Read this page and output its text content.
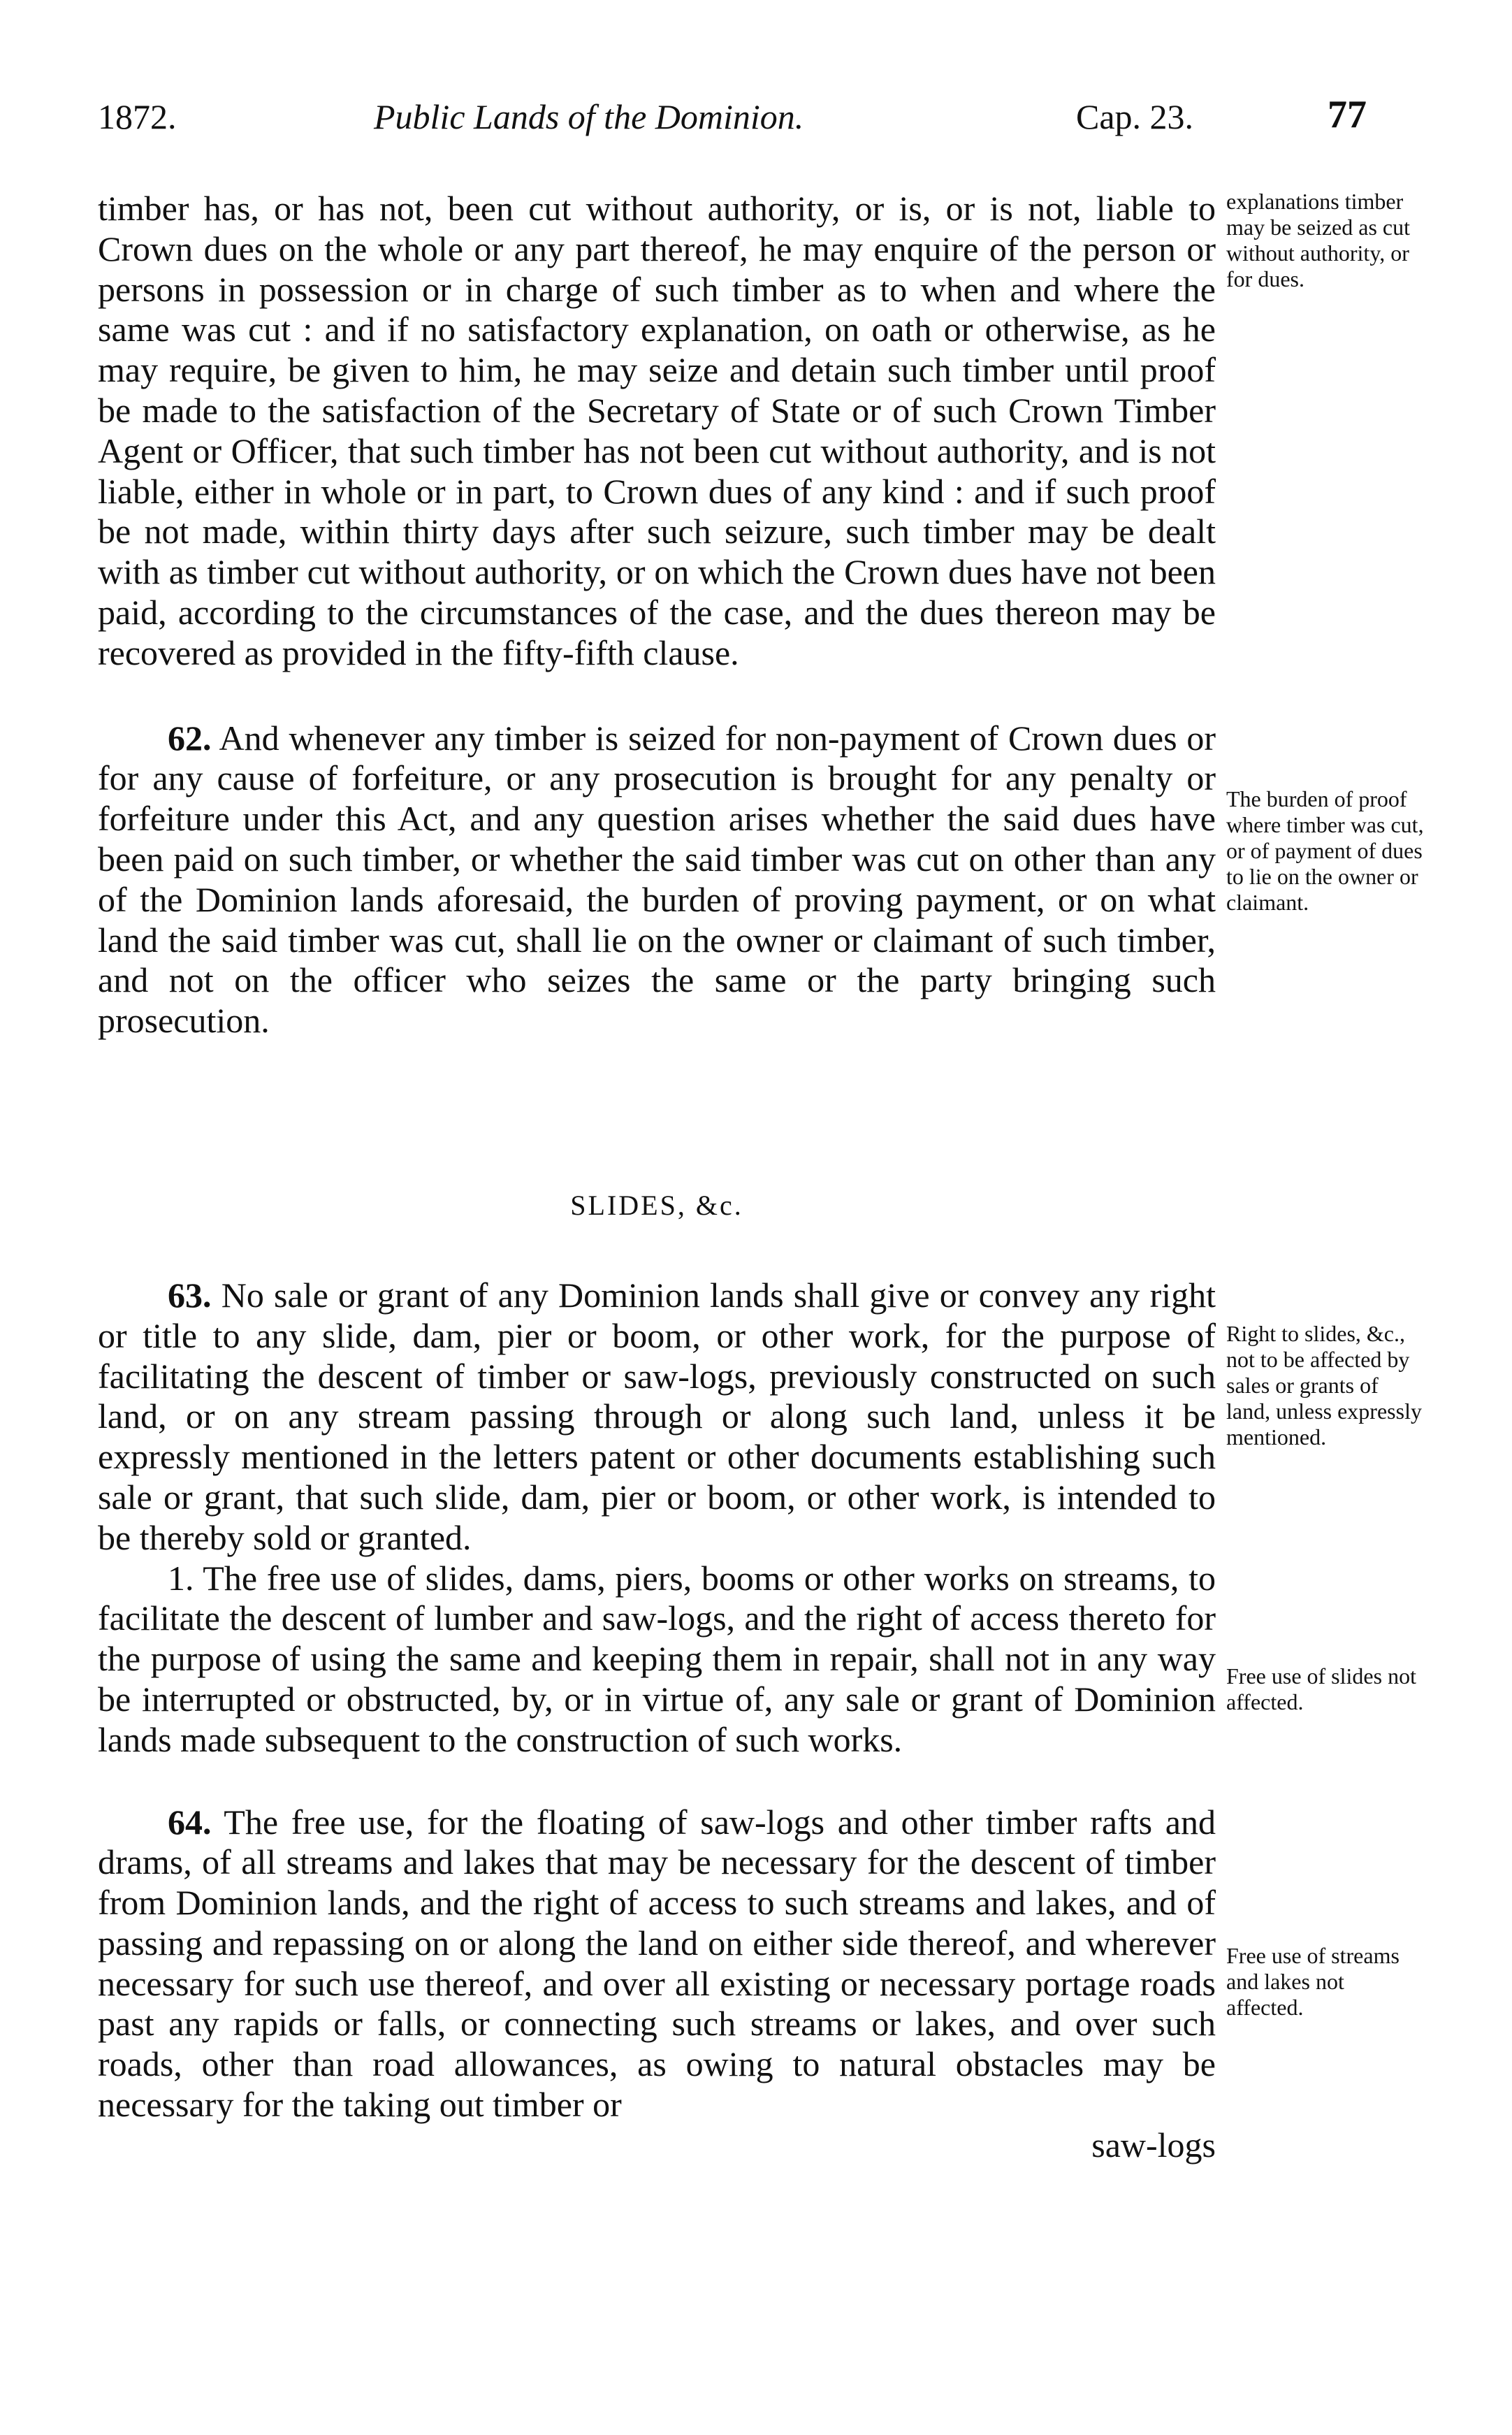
1872.	Public Lands of the Dominion.	Cap. 23.	77

timber has, or has not, been cut without authority, or is, or is not, liable to Crown dues on the whole or any part thereof, he may enquire of the person or persons in possession or in charge of such timber as to when and where the same was cut : and if no satisfactory explanation, on oath or otherwise, as he may require, be given to him, he may seize and detain such timber until proof be made to the satisfaction of the Secretary of State or of such Crown Timber Agent or Officer, that such timber has not been cut without authority, and is not liable, either in whole or in part, to Crown dues of any kind : and if such proof be not made, within thirty days after such seizure, such timber may be dealt with as timber cut without authority, or on which the Crown dues have not been paid, according to the circumstances of the case, and the dues thereon may be recovered as provided in the fifty-fifth clause.

62. And whenever any timber is seized for non-payment of Crown dues or for any cause of forfeiture, or any prosecution is brought for any penalty or forfeiture under this Act, and any question arises whether the said dues have been paid on such timber, or whether the said timber was cut on other than any of the Dominion lands aforesaid, the burden of proving payment, or on what land the said timber was cut, shall lie on the owner or claimant of such timber, and not on the officer who seizes the same or the party bringing such prosecution.

SLIDES, &c.

63. No sale or grant of any Dominion lands shall give or convey any right or title to any slide, dam, pier or boom, or other work, for the purpose of facilitating the descent of timber or saw-logs, previously constructed on such land, or on any stream passing through or along such land, unless it be expressly mentioned in the letters patent or other documents establishing such sale or grant, that such slide, dam, pier or boom, or other work, is intended to be thereby sold or granted.

1. The free use of slides, dams, piers, booms or other works on streams, to facilitate the descent of lumber and saw-logs, and the right of access thereto for the purpose of using the same and keeping them in repair, shall not in any way be interrupted or obstructed, by, or in virtue of, any sale or grant of Dominion lands made subsequent to the construction of such works.

64. The free use, for the floating of saw-logs and other timber rafts and drams, of all streams and lakes that may be necessary for the descent of timber from Dominion lands, and the right of access to such streams and lakes, and of passing and repassing on or along the land on either side thereof, and wherever necessary for such use thereof, and over all existing or necessary portage roads past any rapids or falls, or connecting such streams or lakes, and over such roads, other than road allowances, as owing to natural obstacles may be necessary for the taking out timber or

saw-logs

explanations timber may be seized as cut without authority, or for dues.
The burden of proof where timber was cut, or of payment of dues to lie on the owner or claimant.
Right to slides, &c., not to be affected by sales or grants of land, unless expressly mentioned.
Free use of slides not affected.
Free use of streams and lakes not affected.
